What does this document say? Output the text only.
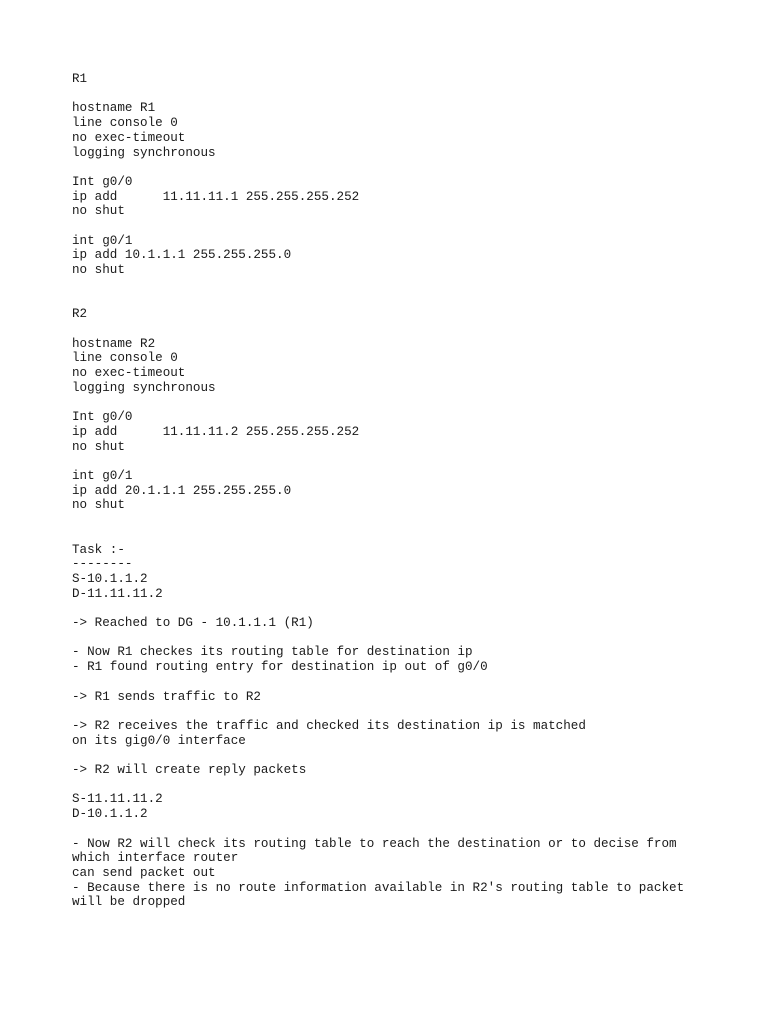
R1

hostname R1
line console 0
no exec-timeout
logging synchronous

Int g0/0
ip add      11.11.11.1 255.255.255.252
no shut

int g0/1
ip add 10.1.1.1 255.255.255.0
no shut

R2

hostname R2
line console 0
no exec-timeout
logging synchronous

Int g0/0
ip add      11.11.11.2 255.255.255.252
no shut

int g0/1
ip add 20.1.1.1 255.255.255.0
no shut

Task :-
--------
S-10.1.1.2
D-11.11.11.2

-> Reached to DG - 10.1.1.1 (R1)

- Now R1 checkes its routing table for destination ip
- R1 found routing entry for destination ip out of g0/0

-> R1 sends traffic to R2

-> R2 receives the traffic and checked its destination ip is matched
on its gig0/0 interface

-> R2 will create reply packets

S-11.11.11.2
D-10.1.1.2

- Now R2 will check its routing table to reach the destination or to decise from
which interface router
can send packet out
- Because there is no route information available in R2's routing table to packet
will be dropped
